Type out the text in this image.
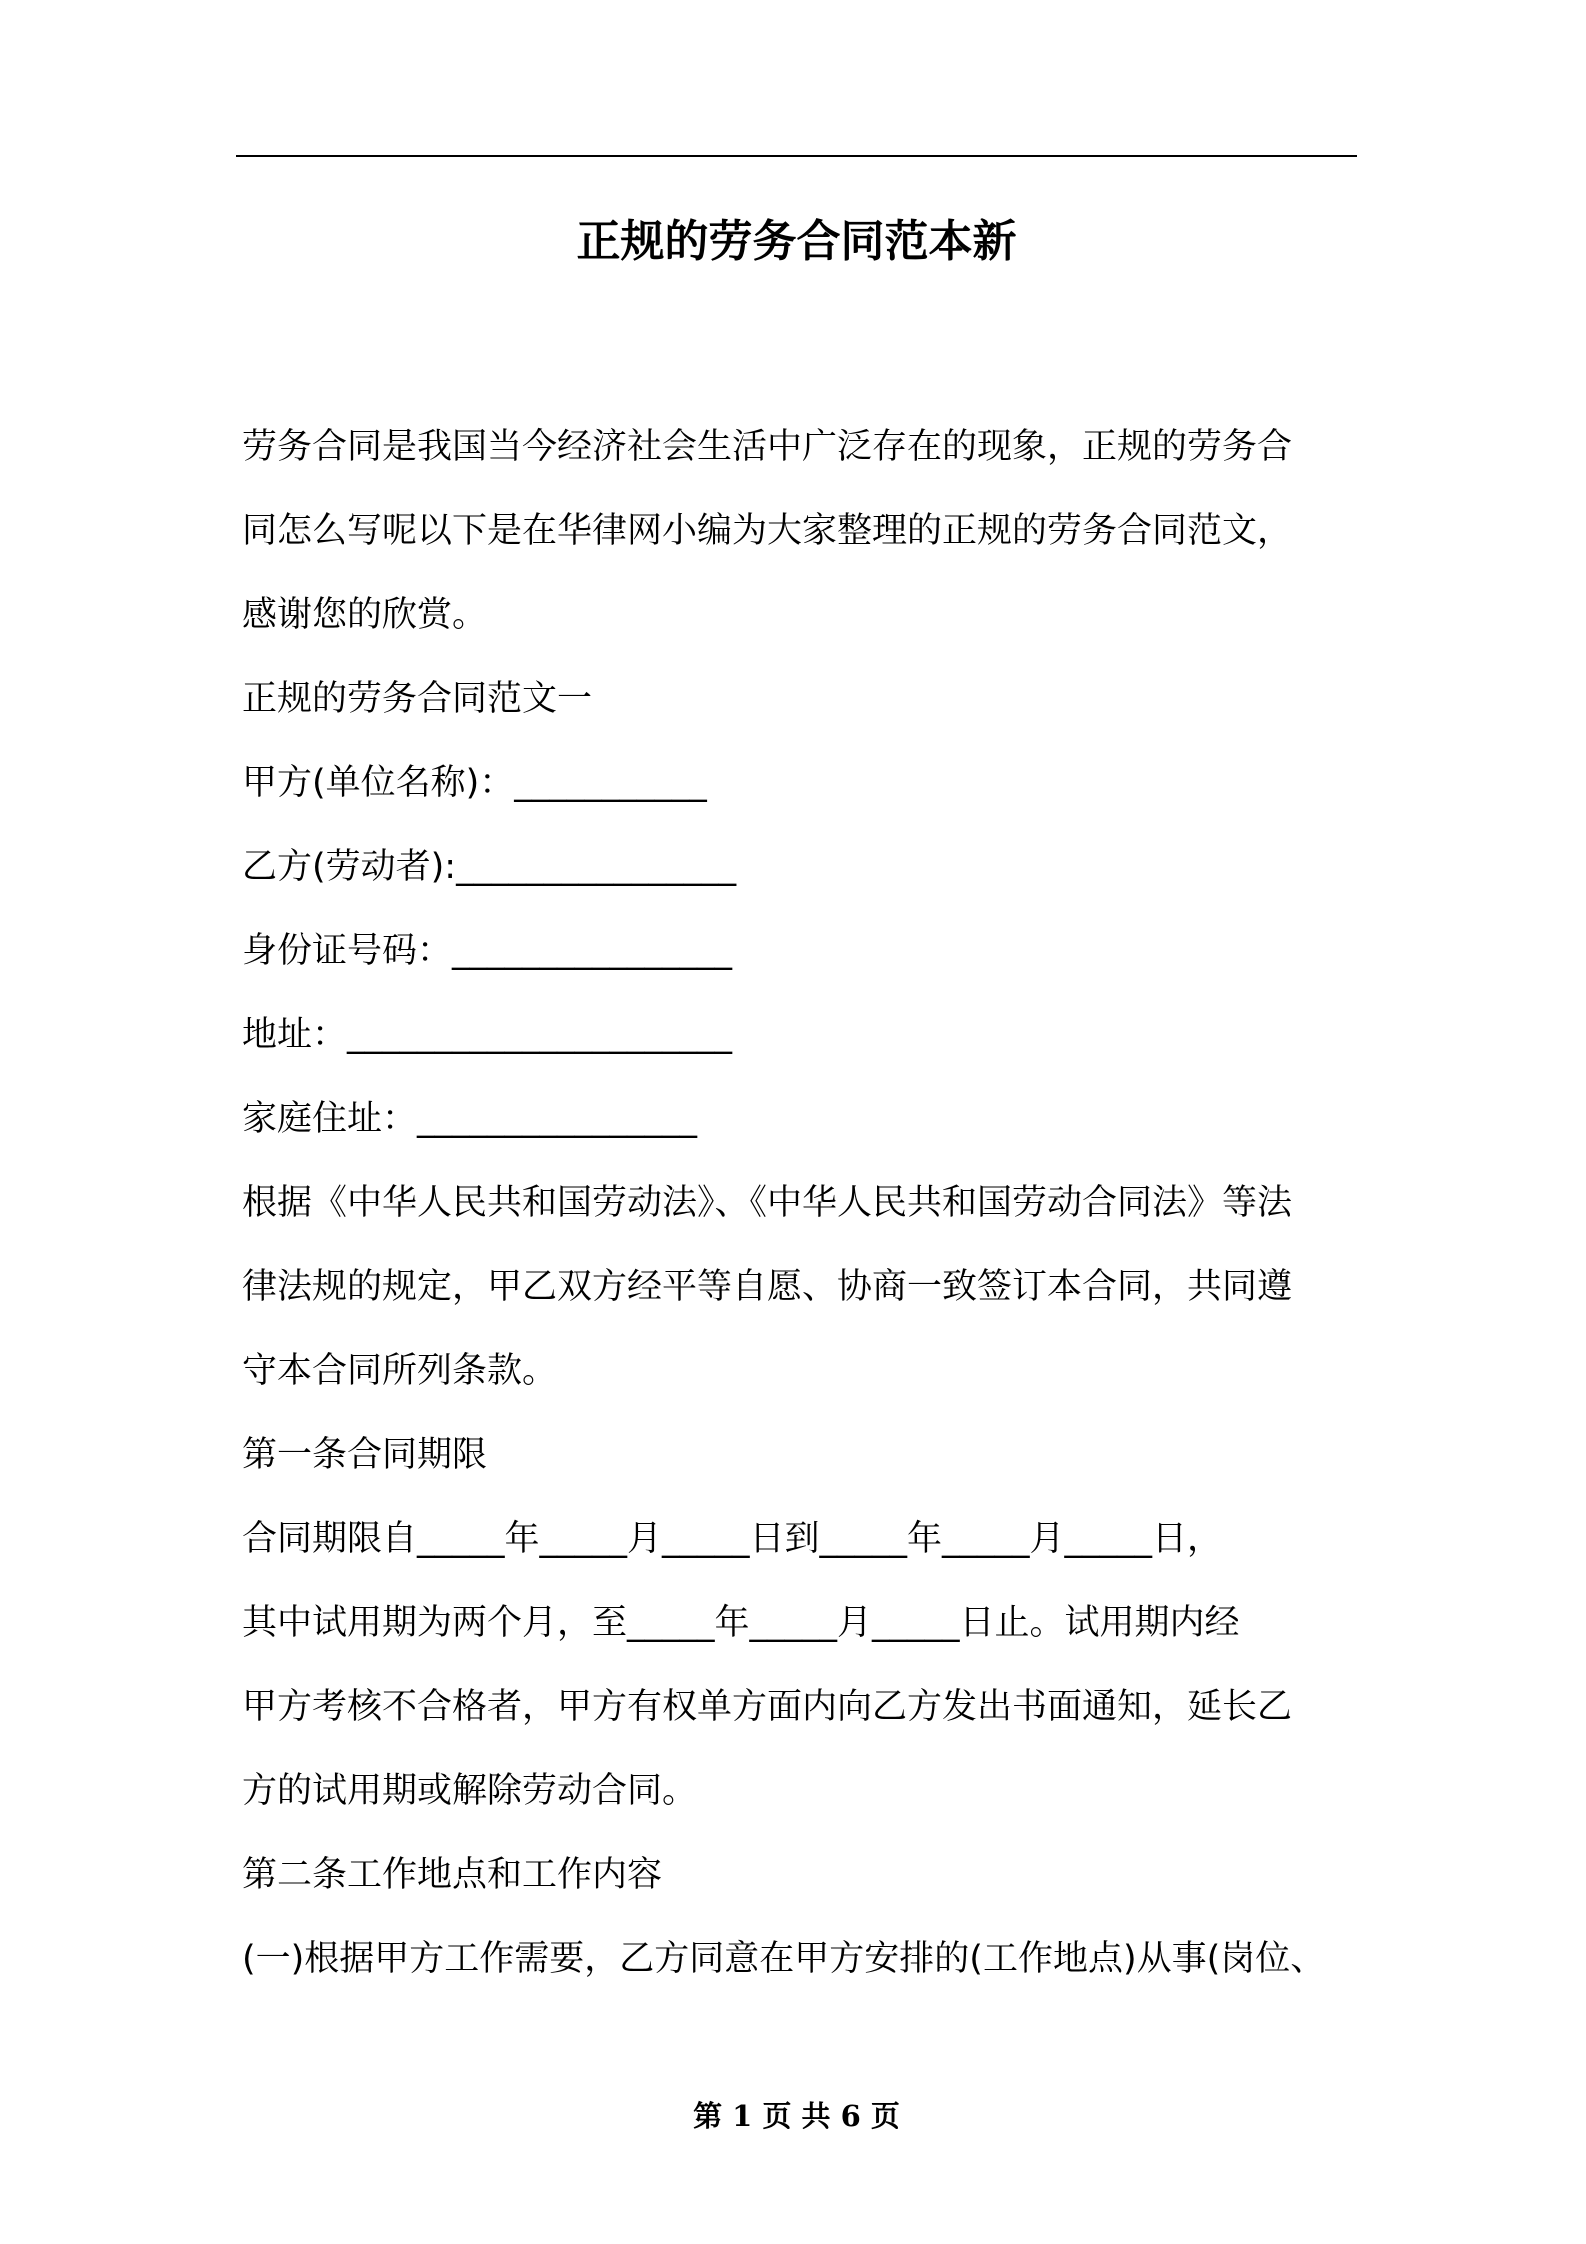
正规的劳务合同范本新
劳务合同是我国当今经济社会生活中广泛存在的现象，正规的劳务合
同怎么写呢以下是在华律网小编为大家整理的正规的劳务合同范文，
感谢您的欣赏。
正规的劳务合同范文一
甲方(单位名称)：___________
乙方(劳动者):________________
身份证号码：________________
地址：______________________
家庭住址：________________
根据《中华人民共和国劳动法》、《中华人民共和国劳动合同法》等法
律法规的规定，甲乙双方经平等自愿、协商一致签订本合同，共同遵
守本合同所列条款。
第一条合同期限
合同期限自_____年_____月_____日到_____年_____月_____日，
其中试用期为两个月，至_____年_____月_____日止。试用期内经
甲方考核不合格者，甲方有权单方面内向乙方发出书面通知，延长乙
方的试用期或解除劳动合同。
第二条工作地点和工作内容
(一)根据甲方工作需要，乙方同意在甲方安排的(工作地点)从事(岗位、
第 1 页 共 6 页
